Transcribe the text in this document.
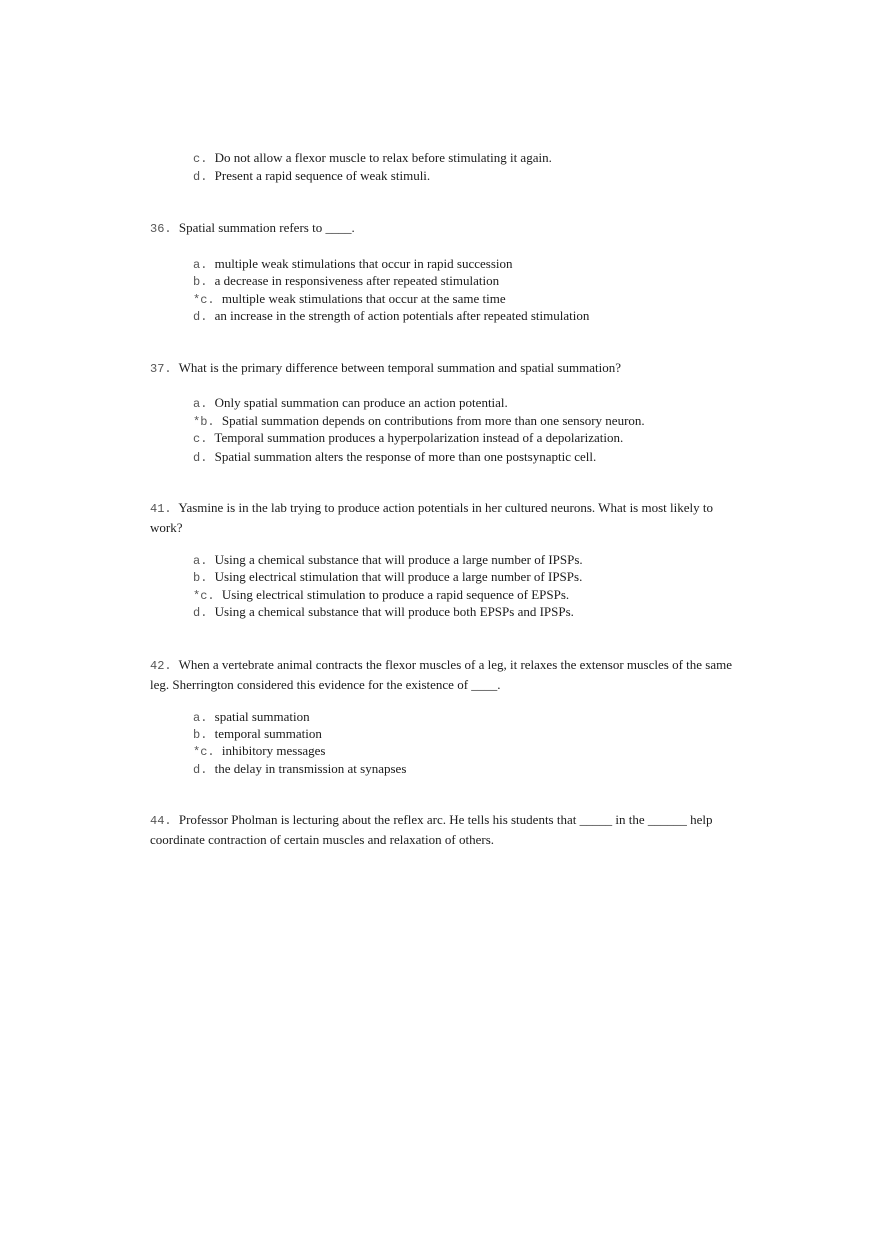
c. Do not allow a flexor muscle to relax before stimulating it again.
d. Present a rapid sequence of weak stimuli.
36. Spatial summation refers to ____.
a. multiple weak stimulations that occur in rapid succession
b. a decrease in responsiveness after repeated stimulation
*c. multiple weak stimulations that occur at the same time
d. an increase in the strength of action potentials after repeated stimulation
37. What is the primary difference between temporal summation and spatial summation?
a. Only spatial summation can produce an action potential.
*b. Spatial summation depends on contributions from more than one sensory neuron.
c. Temporal summation produces a hyperpolarization instead of a depolarization.
d. Spatial summation alters the response of more than one postsynaptic cell.
41. Yasmine is in the lab trying to produce action potentials in her cultured neurons. What is most likely to work?
a. Using a chemical substance that will produce a large number of IPSPs.
b. Using electrical stimulation that will produce a large number of IPSPs.
*c. Using electrical stimulation to produce a rapid sequence of EPSPs.
d. Using a chemical substance that will produce both EPSPs and IPSPs.
42. When a vertebrate animal contracts the flexor muscles of a leg, it relaxes the extensor muscles of the same leg. Sherrington considered this evidence for the existence of ____.
a. spatial summation
b. temporal summation
*c. inhibitory messages
d. the delay in transmission at synapses
44. Professor Pholman is lecturing about the reflex arc. He tells his students that _____ in the ______ help coordinate contraction of certain muscles and relaxation of others.
